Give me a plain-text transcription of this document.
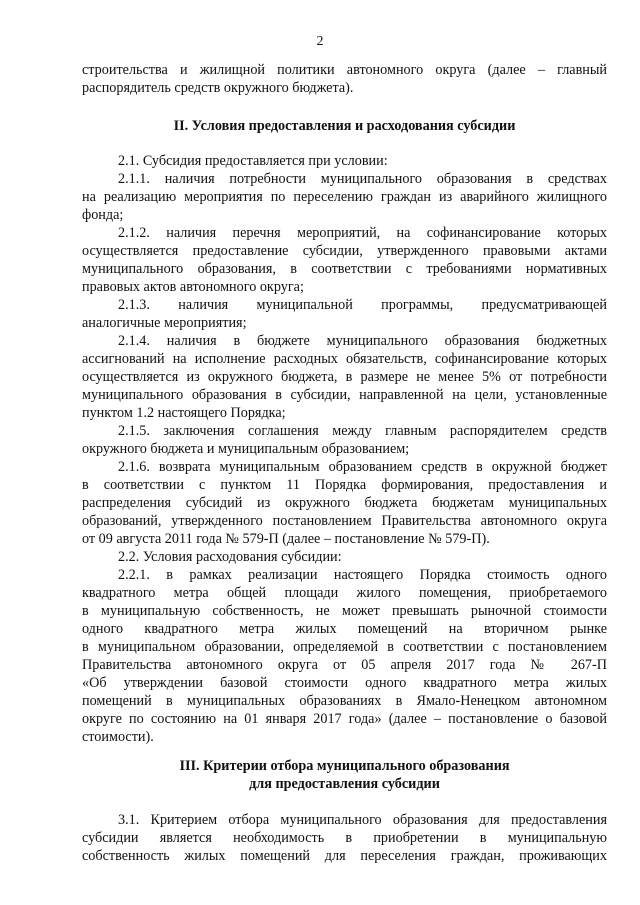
2
строительства и жилищной политики автономного округа (далее – главный
распорядитель средств окружного бюджета).
II. Условия предоставления и расходования субсидии
2.1. Субсидия предоставляется при условии:
2.1.1. наличия потребности муниципального образования в средствах
на реализацию мероприятия по переселению граждан из аварийного жилищного
фонда;
2.1.2. наличия перечня мероприятий, на софинансирование которых
осуществляется предоставление субсидии, утвержденного правовыми актами
муниципального образования, в соответствии с требованиями нормативных
правовых актов автономного округа;
2.1.3. наличия муниципальной программы, предусматривающей
аналогичные мероприятия;
2.1.4. наличия в бюджете муниципального образования бюджетных
ассигнований на исполнение расходных обязательств, софинансирование которых
осуществляется из окружного бюджета, в размере не менее 5% от потребности
муниципального образования в субсидии, направленной на цели, установленные
пунктом 1.2 настоящего Порядка;
2.1.5. заключения соглашения между главным распорядителем средств
окружного бюджета и муниципальным образованием;
2.1.6. возврата муниципальным образованием средств в окружной бюджет
в соответствии с пунктом 11 Порядка формирования, предоставления и
распределения субсидий из окружного бюджета бюджетам муниципальных
образований, утвержденного постановлением Правительства автономного округа
от 09 августа 2011 года № 579-П (далее – постановление № 579-П).
2.2. Условия расходования субсидии:
2.2.1. в рамках реализации настоящего Порядка стоимость одного
квадратного метра общей площади жилого помещения, приобретаемого
в муниципальную собственность, не может превышать рыночной стоимости
одного квадратного метра жилых помещений на вторичном рынке
в муниципальном образовании, определяемой в соответствии с постановлением
Правительства автономного округа от 05 апреля 2017 года № 267-П
«Об утверждении базовой стоимости одного квадратного метра жилых
помещений в муниципальных образованиях в Ямало-Ненецком автономном
округе по состоянию на 01 января 2017 года» (далее – постановление о базовой
стоимости).
III. Критерии отбора муниципального образования
для предоставления субсидии
3.1. Критерием отбора муниципального образования для предоставления
субсидии является необходимость в приобретении в муниципальную
собственность жилых помещений для переселения граждан, проживающих
